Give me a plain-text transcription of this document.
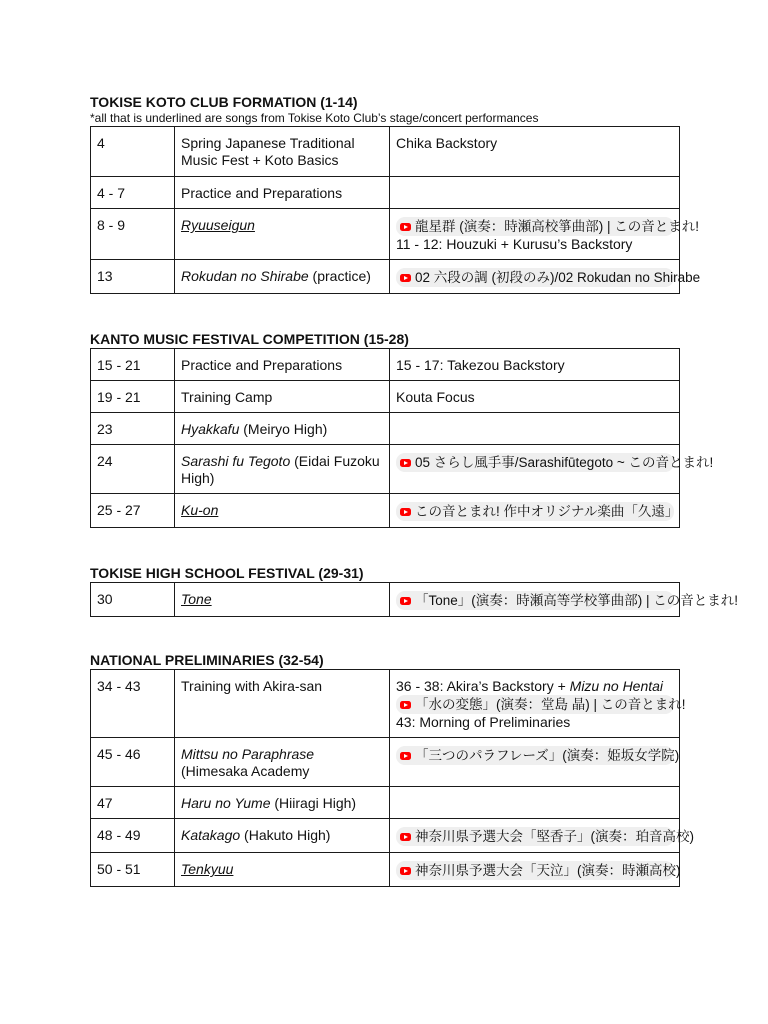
TOKISE KOTO CLUB FORMATION (1-14)
*all that is underlined are songs from Tokise Koto Club’s stage/concert performances
4	Spring Japanese Traditional Music Fest + Koto Basics	Chika Backstory
4 - 7	Practice and Preparations	
8 - 9	Ryuuseigun	龍星群 (演奏：時瀬高校箏曲部) | この音とまれ!
11 - 12: Houzuki + Kurusu’s Backstory

13	Rokudan no Shirabe (practice)	02 六段の調 (初段のみ)/02 Rokudan no Shirabe
KANTO MUSIC FESTIVAL COMPETITION (15-28)
15 - 21	Practice and Preparations	15 - 17: Takezou Backstory
19 - 21	Training Camp	Kouta Focus
23	Hyakkafu (Meiryo High)	
24	Sarashi fu Tegoto (Eidai Fuzoku High)	05 さらし風手事/Sarashifūtegoto ~ この音とまれ!
25 - 27	Ku-on	この音とまれ! 作中オリジナル楽曲「久遠」
TOKISE HIGH SCHOOL FESTIVAL (29-31)
30	Tone	「Tone」(演奏：時瀬高等学校箏曲部) | この音とまれ!
NATIONAL PRELIMINARIES (32-54)
34 - 43	Training with Akira-san	36 - 38: Akira’s Backstory + Mizu no Hentai
「水の変態」(演奏：堂島 晶) | この音とまれ!
43: Morning of Preliminaries

45 - 46	Mittsu no Paraphrase (Himesaka Academy	「三つのパラフレーズ」(演奏：姫坂女学院)
47	Haru no Yume (Hiiragi High)	
48 - 49	Katakago (Hakuto High)	神奈川県予選大会「堅香子」(演奏：珀音高校)
50 - 51	Tenkyuu	神奈川県予選大会「天泣」(演奏：時瀬高校)
